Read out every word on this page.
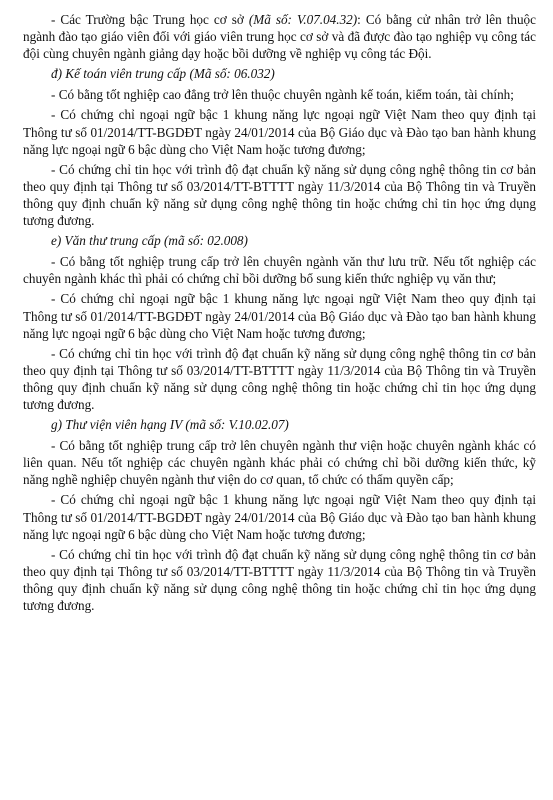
- Các Trường bậc Trung học cơ sở (Mã số: V.07.04.32): Có bằng cử nhân trở lên thuộc ngành đào tạo giáo viên đối với giáo viên trung học cơ sở và đã được đào tạo nghiệp vụ công tác đội cùng chuyên ngành giảng dạy hoặc bồi dưỡng về nghiệp vụ công tác Đội.

đ) Kế toán viên trung cấp (Mã số: 06.032)

- Có bằng tốt nghiệp cao đẳng trở lên thuộc chuyên ngành kế toán, kiểm toán, tài chính;

- Có chứng chỉ ngoại ngữ bậc 1 khung năng lực ngoại ngữ Việt Nam theo quy định tại Thông tư số 01/2014/TT-BGDĐT ngày 24/01/2014 của Bộ Giáo dục và Đào tạo ban hành khung năng lực ngoại ngữ 6 bậc dùng cho Việt Nam hoặc tương đương;

- Có chứng chỉ tin học với trình độ đạt chuẩn kỹ năng sử dụng công nghệ thông tin cơ bản theo quy định tại Thông tư số 03/2014/TT-BTTTT ngày 11/3/2014 của Bộ Thông tin và Truyền thông quy định chuẩn kỹ năng sử dụng công nghệ thông tin hoặc chứng chỉ tin học ứng dụng tương đương.

e) Văn thư trung cấp (mã số: 02.008)

- Có bằng tốt nghiệp trung cấp trở lên chuyên ngành văn thư lưu trữ. Nếu tốt nghiệp các chuyên ngành khác thì phải có chứng chỉ bồi dưỡng bổ sung kiến thức nghiệp vụ văn thư;

- Có chứng chỉ ngoại ngữ bậc 1 khung năng lực ngoại ngữ Việt Nam theo quy định tại Thông tư số 01/2014/TT-BGDĐT ngày 24/01/2014 của Bộ Giáo dục và Đào tạo ban hành khung năng lực ngoại ngữ 6 bậc dùng cho Việt Nam hoặc tương đương;

- Có chứng chỉ tin học với trình độ đạt chuẩn kỹ năng sử dụng công nghệ thông tin cơ bản theo quy định tại Thông tư số 03/2014/TT-BTTTT ngày 11/3/2014 của Bộ Thông tin và Truyền thông quy định chuẩn kỹ năng sử dụng công nghệ thông tin hoặc chứng chỉ tin học ứng dụng tương đương.

g) Thư viện viên hạng IV (mã số: V.10.02.07)

- Có bằng tốt nghiệp trung cấp trở lên chuyên ngành thư viện hoặc chuyên ngành khác có liên quan. Nếu tốt nghiệp các chuyên ngành khác phải có chứng chỉ bồi dưỡng kiến thức, kỹ năng nghề nghiệp chuyên ngành thư viện do cơ quan, tổ chức có thẩm quyền cấp;

- Có chứng chỉ ngoại ngữ bậc 1 khung năng lực ngoại ngữ Việt Nam theo quy định tại Thông tư số 01/2014/TT-BGDĐT ngày 24/01/2014 của Bộ Giáo dục và Đào tạo ban hành khung năng lực ngoại ngữ 6 bậc dùng cho Việt Nam hoặc tương đương;

- Có chứng chỉ tin học với trình độ đạt chuẩn kỹ năng sử dụng công nghệ thông tin cơ bản theo quy định tại Thông tư số 03/2014/TT-BTTTT ngày 11/3/2014 của Bộ Thông tin và Truyền thông quy định chuẩn kỹ năng sử dụng công nghệ thông tin hoặc chứng chỉ tin học ứng dụng tương đương.
